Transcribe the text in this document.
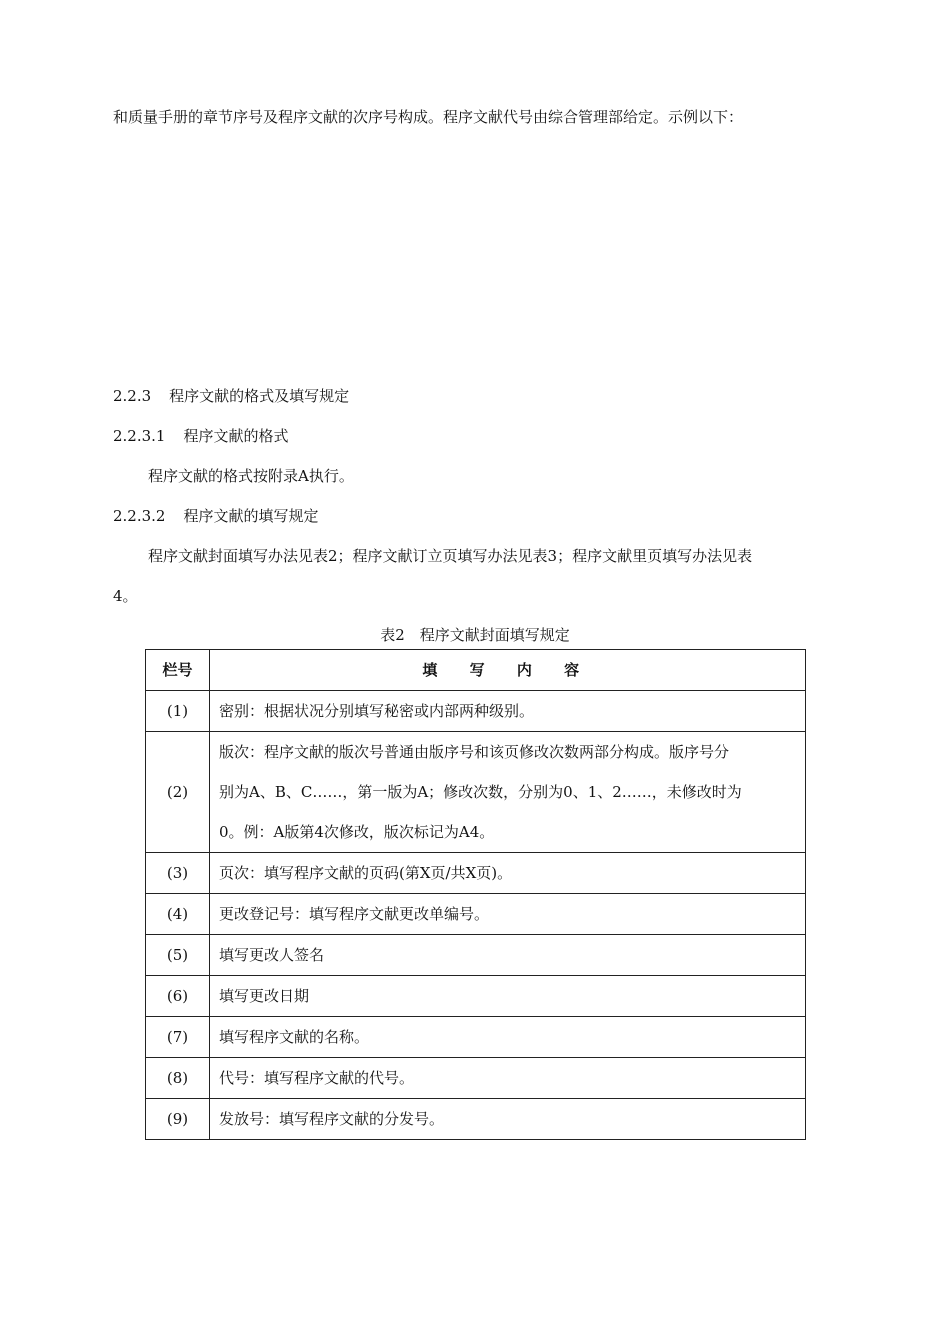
和质量手册的章节序号及程序文献的次序号构成。程序文献代号由综合管理部给定。示例以下：
2.2.3 程序文献的格式及填写规定
2.2.3.1 程序文献的格式
程序文献的格式按附录A执行。
2.2.3.2 程序文献的填写规定
程序文献封面填写办法见表2；程序文献订立页填写办法见表3；程序文献里页填写办法见表
4。
表2　程序文献封面填写规定
栏号	填 写 内 容
(1)	密别：根据状况分别填写秘密或内部两种级别。

(2)	版次：程序文献的版次号普通由版序号和该页修改次数两部分构成。版序号分
别为A、B、C……，第一版为A；修改次数，分别为0、1、2……，未修改时为
0。例：A版第4次修改，版次标记为A4。

(3)	页次：填写程序文献的页码(第X页/共X页)。

(4)	更改登记号：填写程序文献更改单编号。

(5)	填写更改人签名

(6)	填写更改日期

(7)	填写程序文献的名称。

(8)	代号：填写程序文献的代号。

(9)	发放号：填写程序文献的分发号。
